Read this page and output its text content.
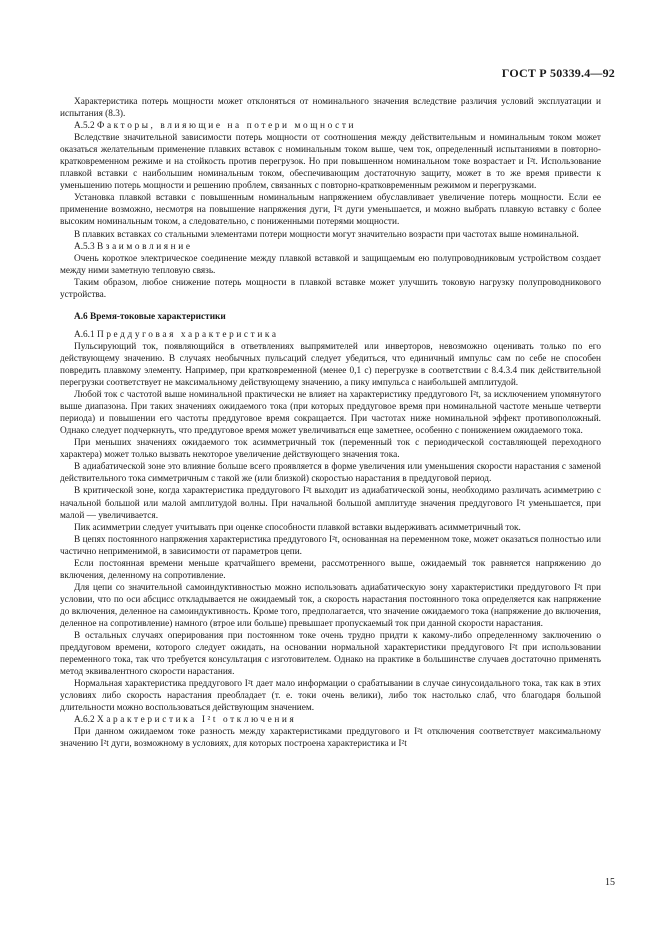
ГОСТ Р 50339.4—92

Характеристика потерь мощности может отклоняться от номинального значения вследствие различия условий эксплуатации и испытания (8.3).

А.5.2 Факторы, влияющие на потери мощности

Вследствие значительной зависимости потерь мощности от соотношения между действительным и номинальным током может оказаться желательным применение плавких вставок с номинальным током выше, чем ток, определенный испытаниями в повторно-кратковременном режиме и на стойкость против перегрузок. Но при повышенном номинальном токе возрастает и I²t. Использование плавкой вставки с наибольшим номинальным током, обеспечивающим достаточную защиту, может в то же время привести к уменьшению потерь мощности и решению проблем, связанных с повторно-кратковременным режимом и перегрузками.

Установка плавкой вставки с повышенным номинальным напряжением обуславливает увеличение потерь мощности. Если ее применение возможно, несмотря на повышение напряжения дуги, I²t дуги уменьшается, и можно выбрать плавкую вставку с более высоким номинальным током, а следовательно, с пониженными потерями мощности.

В плавких вставках со стальными элементами потери мощности могут значительно возрасти при частотах выше номинальной.

А.5.3 Взаимовлияние

Очень короткое электрическое соединение между плавкой вставкой и защищаемым ею полупроводниковым устройством создает между ними заметную тепловую связь.

Таким образом, любое снижение потерь мощности в плавкой вставке может улучшить токовую нагрузку полупроводникового устройства.

А.6 Время-токовые характеристики

А.6.1 Преддуговая характеристика

Пульсирующий ток, появляющийся в ответвлениях выпрямителей или инверторов, невозможно оценивать только по его действующему значению. В случаях необычных пульсаций следует убедиться, что единичный импульс сам по себе не способен повредить плавкому элементу. Например, при кратковременной (менее 0,1 с) перегрузке в соответствии с 8.4.3.4 пик действительной перегрузки соответствует не максимальному действующему значению, а пику импульса с наибольшей амплитудой.

Любой ток с частотой выше номинальной практически не влияет на характеристику преддугового I²t, за исключением упомянутого выше диапазона. При таких значениях ожидаемого тока (при которых преддуговое время при номинальной частоте меньше четверти периода) и повышении его частоты преддуговое время сокращается. При частотах ниже номинальной эффект противоположный. Однако следует подчеркнуть, что преддуговое время может увеличиваться еще заметнее, особенно с понижением ожидаемого тока.

При меньших значениях ожидаемого ток асимметричный ток (переменный ток с периодической составляющей переходного характера) может только вызвать некоторое увеличение действующего значения тока.

В адиабатической зоне это влияние больше всего проявляется в форме увеличения или уменьшения скорости нарастания с заменой действительного тока симметричным с такой же (или близкой) скоростью нарастания в преддуговой период.

В критической зоне, когда характеристика преддугового I²t выходит из адиабатической зоны, необходимо различать асимметрию с начальной большой или малой амплитудой волны. При начальной большой амплитуде значения преддугового I²t уменьшается, при малой — увеличивается.

Пик асимметрии следует учитывать при оценке способности плавкой вставки выдерживать асимметричный ток.

В цепях постоянного напряжения характеристика преддугового I²t, основанная на переменном токе, может оказаться полностью или частично неприменимой, в зависимости от параметров цепи.

Если постоянная времени меньше кратчайшего времени, рассмотренного выше, ожидаемый ток равняется напряжению до включения, деленному на сопротивление.

Для цепи со значительной самоиндуктивностью можно использовать адиабатическую зону характеристики преддугового I²t при условии, что по оси абсцисс откладывается не ожидаемый ток, а скорость нарастания постоянного тока определяется как напряжение до включения, деленное на самоиндуктивность. Кроме того, предполагается, что значение ожидаемого тока (напряжение до включения, деленное на сопротивление) намного (втрое или больше) превышает пропускаемый ток при данной скорости нарастания.

В остальных случаях оперирования при постоянном токе очень трудно придти к какому-либо определенному заключению о преддуговом времени, которого следует ожидать, на основании нормальной характеристики преддугового I²t при использовании переменного тока, так что требуется консультация с изготовителем. Однако на практике в большинстве случаев достаточно применять метод эквивалентного скорости нарастания.

Нормальная характеристика преддугового I²t дает мало информации о срабатывании в случае синусоидального тока, так как в этих условиях либо скорость нарастания преобладает (т. е. токи очень велики), либо ток настолько слаб, что благодаря большой длительности можно воспользоваться действующим значением.

А.6.2 Характеристика I²t отключения

При данном ожидаемом токе разность между характеристиками преддугового и I²t отключения соответствует максимальному значению I²t дуги, возможному в условиях, для которых построена характеристика и I²t

15
